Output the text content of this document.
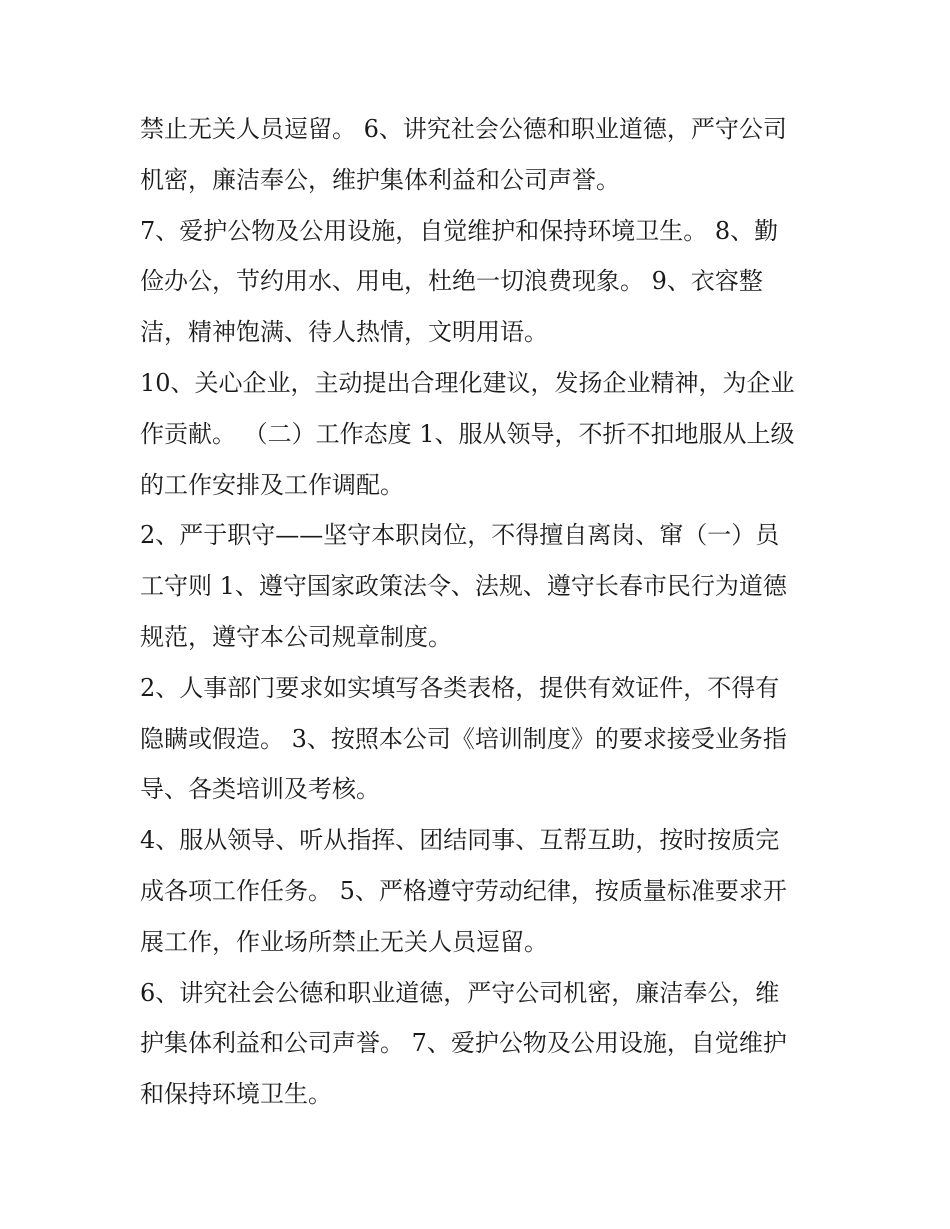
禁止无关人员逗留。 6、讲究社会公德和职业道德，严守公司
机密，廉洁奉公，维护集体利益和公司声誉。
7、爱护公物及公用设施，自觉维护和保持环境卫生。 8、勤
俭办公，节约用水、用电，杜绝一切浪费现象。 9、衣容整
洁，精神饱满、待人热情，文明用语。
10、关心企业，主动提出合理化建议，发扬企业精神，为企业
作贡献。 （二）工作态度 1、服从领导，不折不扣地服从上级
的工作安排及工作调配。
2、严于职守——坚守本职岗位，不得擅自离岗、窜（一）员
工守则 1、遵守国家政策法令、法规、遵守长春市民行为道德
规范，遵守本公司规章制度。
2、人事部门要求如实填写各类表格，提供有效证件，不得有
隐瞒或假造。 3、按照本公司《培训制度》的要求接受业务指
导、各类培训及考核。
4、服从领导、听从指挥、团结同事、互帮互助，按时按质完
成各项工作任务。 5、严格遵守劳动纪律，按质量标准要求开
展工作，作业场所禁止无关人员逗留。
6、讲究社会公德和职业道德，严守公司机密，廉洁奉公，维
护集体利益和公司声誉。 7、爱护公物及公用设施，自觉维护
和保持环境卫生。
